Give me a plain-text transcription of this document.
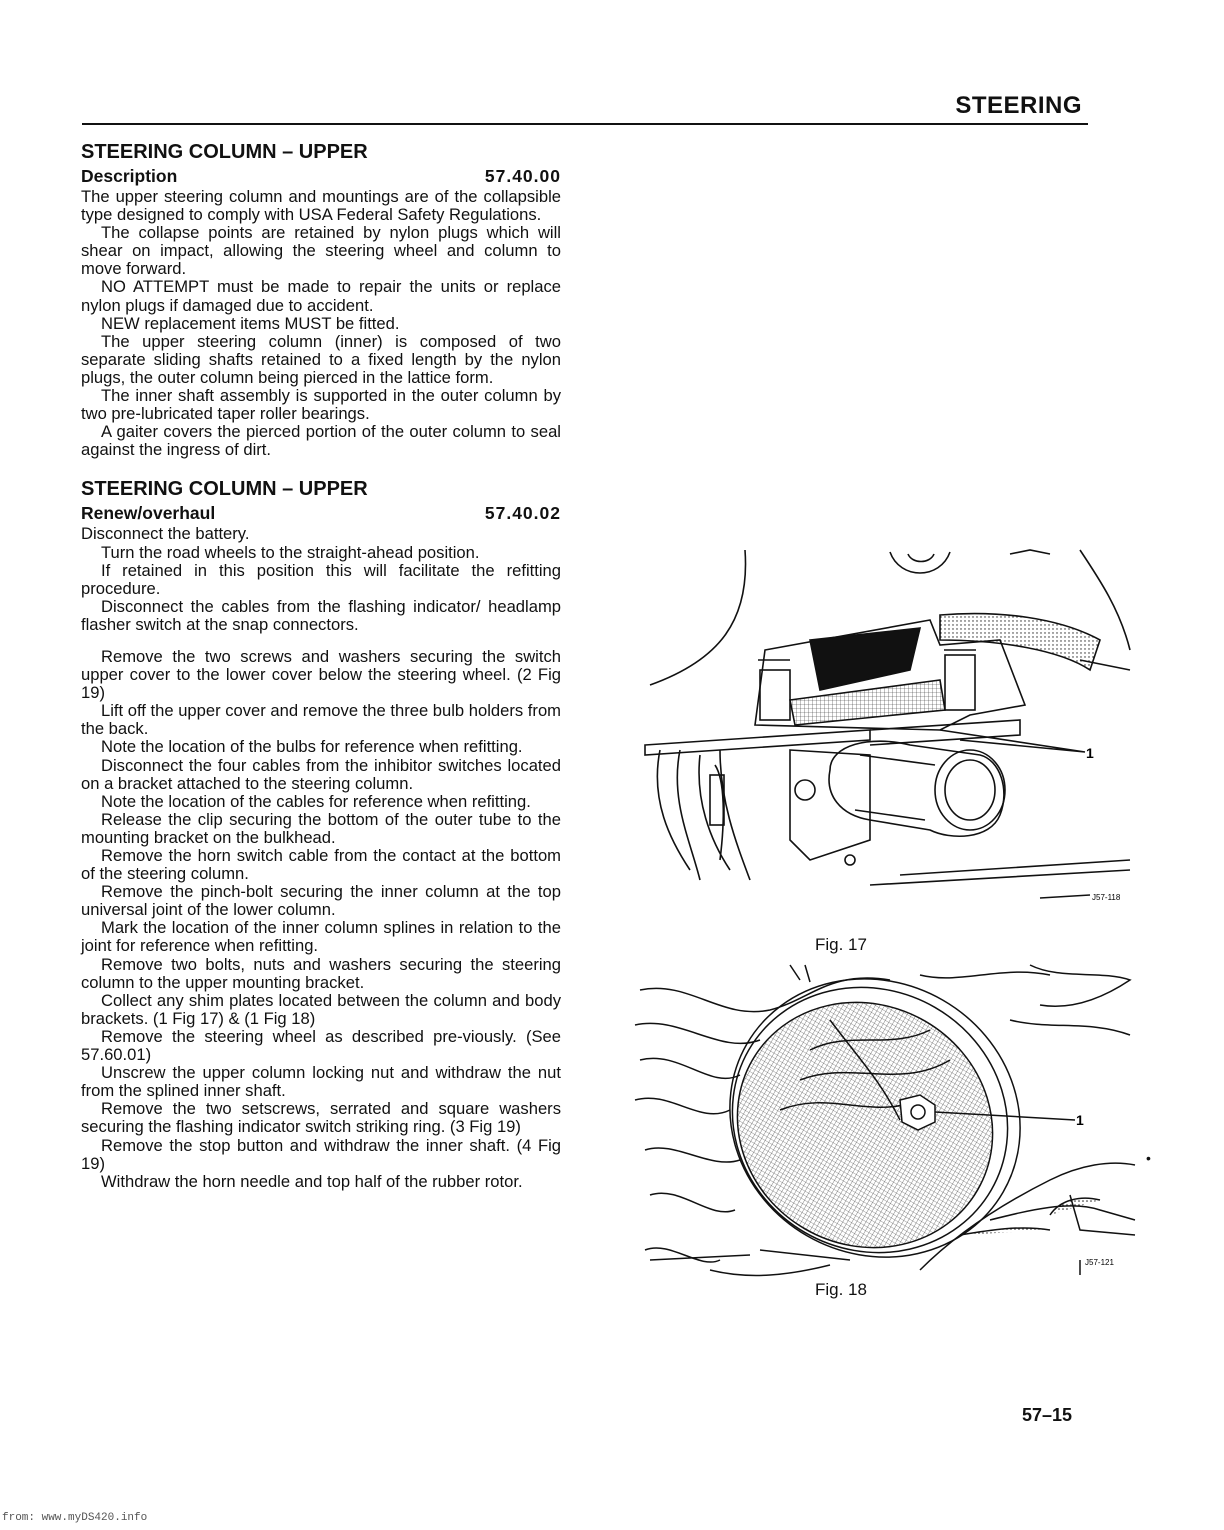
STEERING
STEERING COLUMN – UPPER
Description	57.40.00

The upper steering column and mountings are of the collapsible type designed to comply with USA Federal Safety Regulations.

The collapse points are retained by nylon plugs which will shear on impact, allowing the steering wheel and column to move forward.

NO ATTEMPT must be made to repair the units or replace nylon plugs if damaged due to accident.

NEW replacement items MUST be fitted.

The upper steering column (inner) is composed of two separate sliding shafts retained to a fixed length by the nylon plugs, the outer column being pierced in the lattice form.

The inner shaft assembly is supported in the outer column by two pre-lubricated taper roller bearings.

A gaiter covers the pierced portion of the outer column to seal against the ingress of dirt.

STEERING COLUMN – UPPER
Renew/overhaul	57.40.02

Disconnect the battery.

Turn the road wheels to the straight-ahead position.

If retained in this position this will facilitate the refitting procedure.

Disconnect the cables from the flashing indicator/ headlamp flasher switch at the snap connectors.

Remove the two screws and washers securing the switch upper cover to the lower cover below the steering wheel. (2 Fig 19)

Lift off the upper cover and remove the three bulb holders from the back.

Note the location of the bulbs for reference when refitting.

Disconnect the four cables from the inhibitor switches located on a bracket attached to the steering column.

Note the location of the cables for reference when refitting.

Release the clip securing the bottom of the outer tube to the mounting bracket on the bulkhead.

Remove the horn switch cable from the contact at the bottom of the steering column.

Remove the pinch-bolt securing the inner column at the top universal joint of the lower column.

Mark the location of the inner column splines in relation to the joint for reference when refitting.

Remove two bolts, nuts and washers securing the steering column to the upper mounting bracket.

Collect any shim plates located between the column and body brackets. (1 Fig 17) & (1 Fig 18)

Remove the steering wheel as described pre-viously. (See 57.60.01)

Unscrew the upper column locking nut and withdraw the nut from the splined inner shaft.

Remove the two setscrews, serrated and square washers securing the flashing indicator switch striking ring. (3 Fig 19)

Remove the stop button and withdraw the inner shaft. (4 Fig 19)

Withdraw the horn needle and top half of the rubber rotor.

1
J57-118
Fig. 17
1
J57-121
Fig. 18
•
57–15
from: www.myDS420.info
